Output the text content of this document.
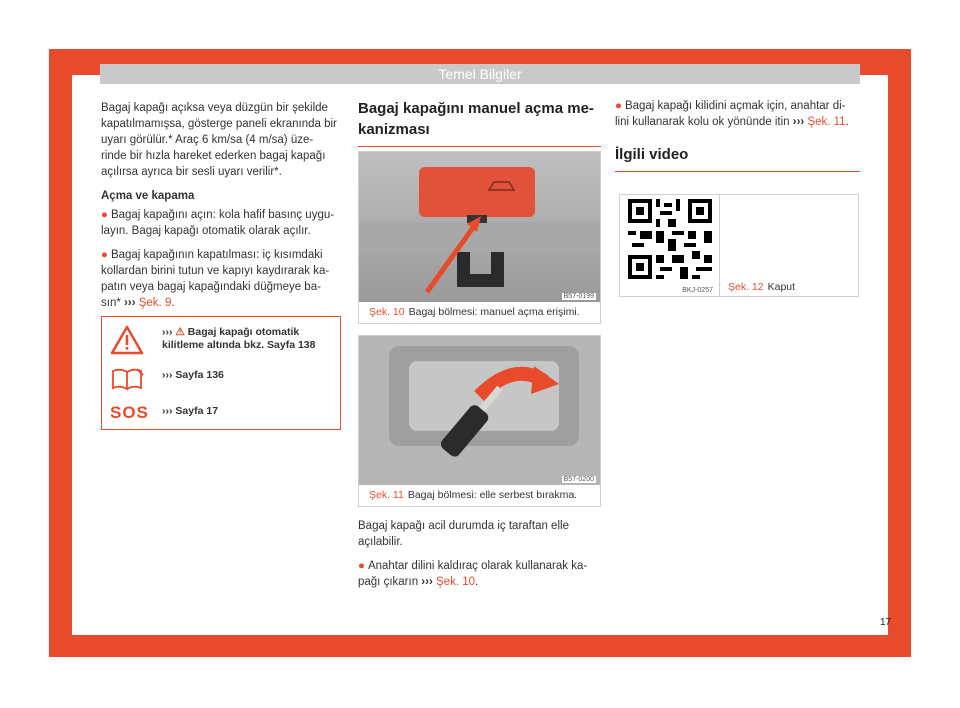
Temel Bilgiler

Bagaj kapağı açıksa veya düzgün bir şekilde kapatılmamışsa, gösterge paneli ekranında bir uyarı görülür.* Araç 6 km/sa (4 m/sa) üze- rinde bir hızla hareket ederken bagaj kapağı açılırsa ayrıca bir sesli uyarı verilir*.

Açma ve kapama

● Bagaj kapağını açın: kola hafif basınç uygu- layın. Bagaj kapağı otomatik olarak açılır.

● Bagaj kapağının kapatılması: iç kısımdaki kollardan birini tutun ve kapıyı kaydırarak ka- patın veya bagaj kapağındaki düğmeye ba- sın* ››› Şek. 9.

››› ⚠ Bagaj kapağı otomatik kilitleme altında bkz. Sayfa 138
››› Sayfa 136
SOS ››› Sayfa 17
Bagaj kapağını manuel açma me- kanizması
B57-0199
Şek. 10 Bagaj bölmesi: manuel açma erişimi.
B57-0200
Şek. 11 Bagaj bölmesi: elle serbest bırakma.

Bagaj kapağı acil durumda iç taraftan elle açılabilir.

● Anahtar dilini kaldıraç olarak kullanarak ka- pağı çıkarın ››› Şek. 10.

● Bagaj kapağı kilidini açmak için, anahtar di- lini kullanarak kolu ok yönünde itin ››› Şek. 11.

İlgili video
BKJ-0257 Şek. 12 Kaput
17
